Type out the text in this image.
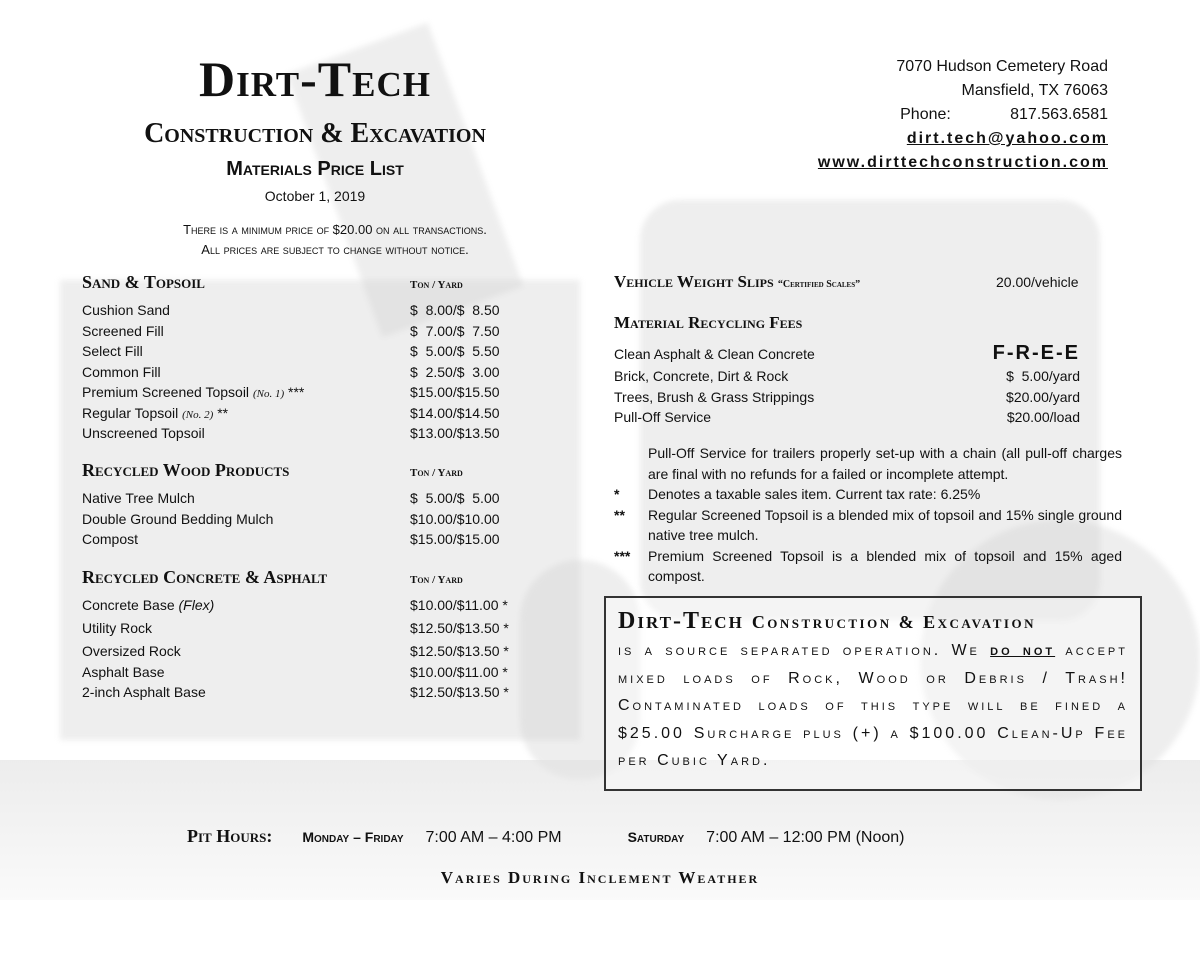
Dirt-Tech
Construction & Excavation
Materials Price List
October 1, 2019
There is a minimum price of $20.00 on all transactions.
All prices are subject to change without notice.
7070 Hudson Cemetery Road
Mansfield, TX 76063
Phone:	817.563.6581
dirt.tech@yahoo.com
www.dirttechconstruction.com
Sand & Topsoil	Ton / Yard
Cushion Sand	$  8.00/$  8.50
Screened Fill	$  7.00/$  7.50
Select Fill	$  5.00/$  5.50
Common Fill	$  2.50/$  3.00
Premium Screened Topsoil (No. 1) ***	$15.00/$15.50
Regular Topsoil (No. 2) **	$14.00/$14.50
Unscreened Topsoil	$13.00/$13.50
Recycled Wood Products	Ton / Yard
Native Tree Mulch	$  5.00/$  5.00
Double Ground Bedding Mulch	$10.00/$10.00
Compost	$15.00/$15.00
Recycled Concrete & Asphalt	Ton / Yard
Concrete Base (Flex)	$10.00/$11.00 *
Utility Rock	$12.50/$13.50 *
Oversized Rock	$12.50/$13.50 *
Asphalt Base	$10.00/$11.00 *
2-inch Asphalt Base	$12.50/$13.50 *
Vehicle Weight Slips “Certified Scales”	20.00/vehicle
Material Recycling Fees
Clean Asphalt & Clean Concrete	F-R-E-E
Brick, Concrete, Dirt & Rock	$  5.00/yard
Trees, Brush & Grass Strippings	$20.00/yard
Pull-Off Service	$20.00/load
Pull-Off Service for trailers properly set-up with a chain (all pull-off charges are final with no refunds for a failed or incomplete attempt.
*	Denotes a taxable sales item. Current tax rate: 6.25%
**	Regular Screened Topsoil is a blended mix of topsoil and 15% single ground native tree mulch.
***	Premium Screened Topsoil is a blended mix of topsoil and 15% aged compost.
Dirt-Tech Construction & Excavation
is a source separated operation. We do not accept mixed loads of Rock, Wood or Debris / Trash! Contaminated loads of this type will be fined a $25.00 Surcharge plus (+) a $100.00 Clean-Up Fee per Cubic Yard.
Pit Hours: Monday – Friday 7:00 AM – 4:00 PM	Saturday 7:00 AM – 12:00 PM (Noon)
Varies During Inclement Weather
